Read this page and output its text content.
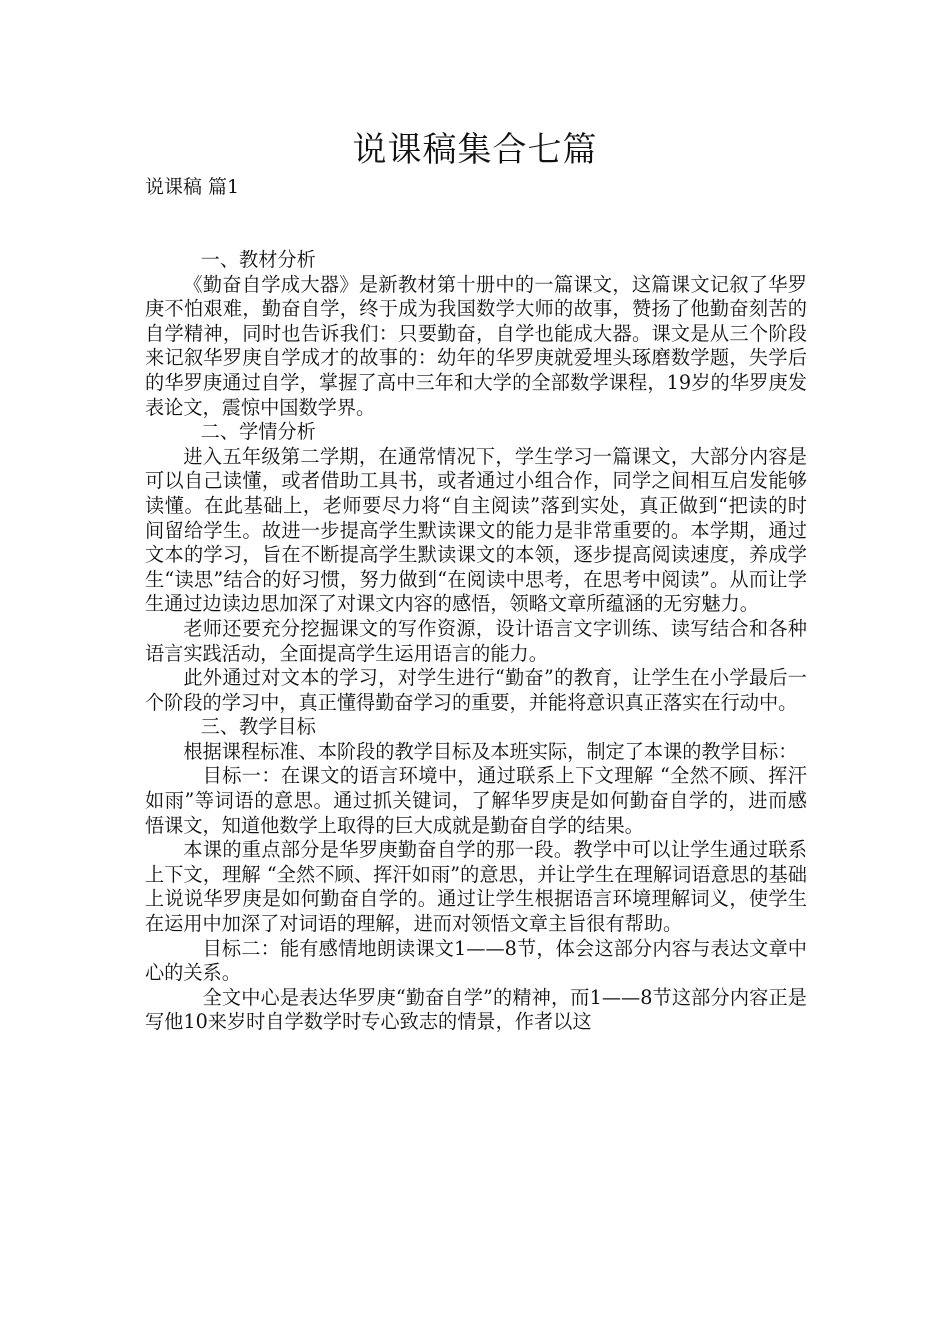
说课稿集合七篇

说课稿 篇1

一、教材分析

《勤奋自学成大器》是新教材第十册中的一篇课文，这篇课文记叙了华罗庚不怕艰难，勤奋自学，终于成为我国数学大师的故事，赞扬了他勤奋刻苦的自学精神，同时也告诉我们：只要勤奋，自学也能成大器。课文是从三个阶段来记叙华罗庚自学成才的故事的：幼年的华罗庚就爱埋头琢磨数学题，失学后的华罗庚通过自学，掌握了高中三年和大学的全部数学课程，19岁的华罗庚发表论文，震惊中国数学界。

二、学情分析

进入五年级第二学期，在通常情况下，学生学习一篇课文，大部分内容是可以自己读懂，或者借助工具书，或者通过小组合作，同学之间相互启发能够读懂。在此基础上，老师要尽力将“自主阅读”落到实处，真正做到“把读的时间留给学生。故进一步提高学生默读课文的能力是非常重要的。本学期，通过文本的学习，旨在不断提高学生默读课文的本领，逐步提高阅读速度，养成学生“读思”结合的好习惯，努力做到“在阅读中思考，在思考中阅读”。从而让学生通过边读边思加深了对课文内容的感悟，领略文章所蕴涵的无穷魅力。

老师还要充分挖掘课文的写作资源，设计语言文字训练、读写结合和各种语言实践活动，全面提高学生运用语言的能力。

此外通过对文本的学习，对学生进行“勤奋”的教育，让学生在小学最后一个阶段的学习中，真正懂得勤奋学习的重要，并能将意识真正落实在行动中。

三、教学目标

根据课程标准、本阶段的教学目标及本班实际，制定了本课的教学目标：

目标一：在课文的语言环境中，通过联系上下文理解 “全然不顾、挥汗如雨”等词语的意思。通过抓关键词，了解华罗庚是如何勤奋自学的，进而感悟课文，知道他数学上取得的巨大成就是勤奋自学的结果。

本课的重点部分是华罗庚勤奋自学的那一段。教学中可以让学生通过联系上下文，理解 “全然不顾、挥汗如雨”的意思，并让学生在理解词语意思的基础上说说华罗庚是如何勤奋自学的。通过让学生根据语言环境理解词义，使学生在运用中加深了对词语的理解，进而对领悟文章主旨很有帮助。

目标二：能有感情地朗读课文1——8节，体会这部分内容与表达文章中心的关系。

全文中心是表达华罗庚“勤奋自学”的精神，而1——8节这部分内容正是写他10来岁时自学数学时专心致志的情景，作者以这
